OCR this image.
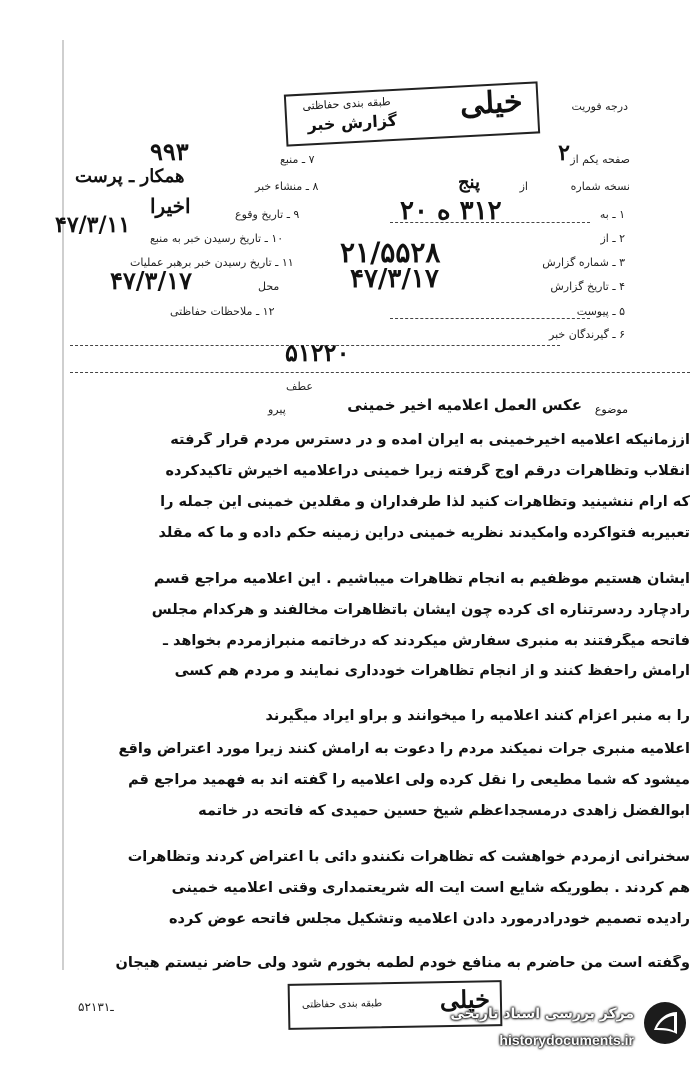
درجه فوریت
خیلی
طبقه بندی حفاظتی
گزارش خبر
صفحه یکم از
۲
نسخه شماره
از
پنج
۷ ـ منبع
۹۹۳
۸ ـ منشاء خبر
همکار ـ پرست
۹ ـ تاریخ وقوع
اخیرا
۱۰ ـ تاریخ رسیدن خبر به منبع
۴۷/۳/۱۱
۱۱ ـ تاریخ رسیدن خبر برهبر عملیات
محل
۴۷/۳/۱۷
۱۲ ـ ملاحظات حفاظتی
۱ ـ به
۲ ـ از
۳۱۲ ه ۲۰
۳ ـ شماره گزارش
۲۱/۵۵۲۸
۴ ـ تاریخ گزارش
۴۷/۳/۱۷
۵ ـ پیوست
۶ ـ گیرندگان خبر
۵۱۲۲۰
موضوع
عکس العمل اعلامیه اخیر خمینی
عطف
پیرو
اززمانیکه اعلامیه اخیرخمینی به ایران آمده و در دسترس مردم قرار گرفته
انقلاب وتظاهرات درقم اوج گرفته زیرا خمینی دراعلامیه اخیرش تاکیدکرده
که آرام ننشینید وتظاهرات کنید لذا طرفداران و مقلدین خمینی این جمله را
تعبیربه فتواکرده وامکیدند نظریه خمینی دراین زمینه حکم داده و ما که مقلد
ایشان هستیم موظفیم به انجام تظاهرات میباشیم . این اعلامیه مراجع قسم
رادچارد ردسرتناره ای کرده چون ایشان باتظاهرات مخالفند و هرکدام مجلس
فاتحه میگرفتند به منبری سفارش میکردند که درخاتمه منبرازمردم بخواهد ـ
آرامش راحفظ کنند و از انجام تظاهرات خودداری نمایند و مردم هم کسی
را به منبر اعزام کنند اعلامیه را میخوانند و براو ایراد میگیرند
اعلامیه منبری جرات نمیکند مردم را دعوت به آرامش کنند زیرا مورد اعتراض واقع
میشود که شما مطیعی را نقل کرده ولی اعلامیه را گفته اند به فهمید مراجع قم
ابوالفضل زاهدی درمسجداعظم شیخ حسین حمیدی که فاتحه در خاتمه
سخنرانی ازمردم خواهشت که تظاهرات نکنندو دائی با اعتراض کردند وتظاهرات
هم کردند . بطوریکه شایع است آیت اله شریعتمداری وقتی اعلامیه خمینی
رادیده تصمیم خودرادرمورد دادن اعلامیه وتشکیل مجلس فاتحه عوض کرده
وگفته است من حاضرم به منافع خودم لطمه بخورم شود ولی حاضر نیستم هیجان
۵۲ـ۱۳۱	خیلی
طبقه بندی حفاظتی
مرکز بررسی اسناد تاریخی
historydocuments.ir
